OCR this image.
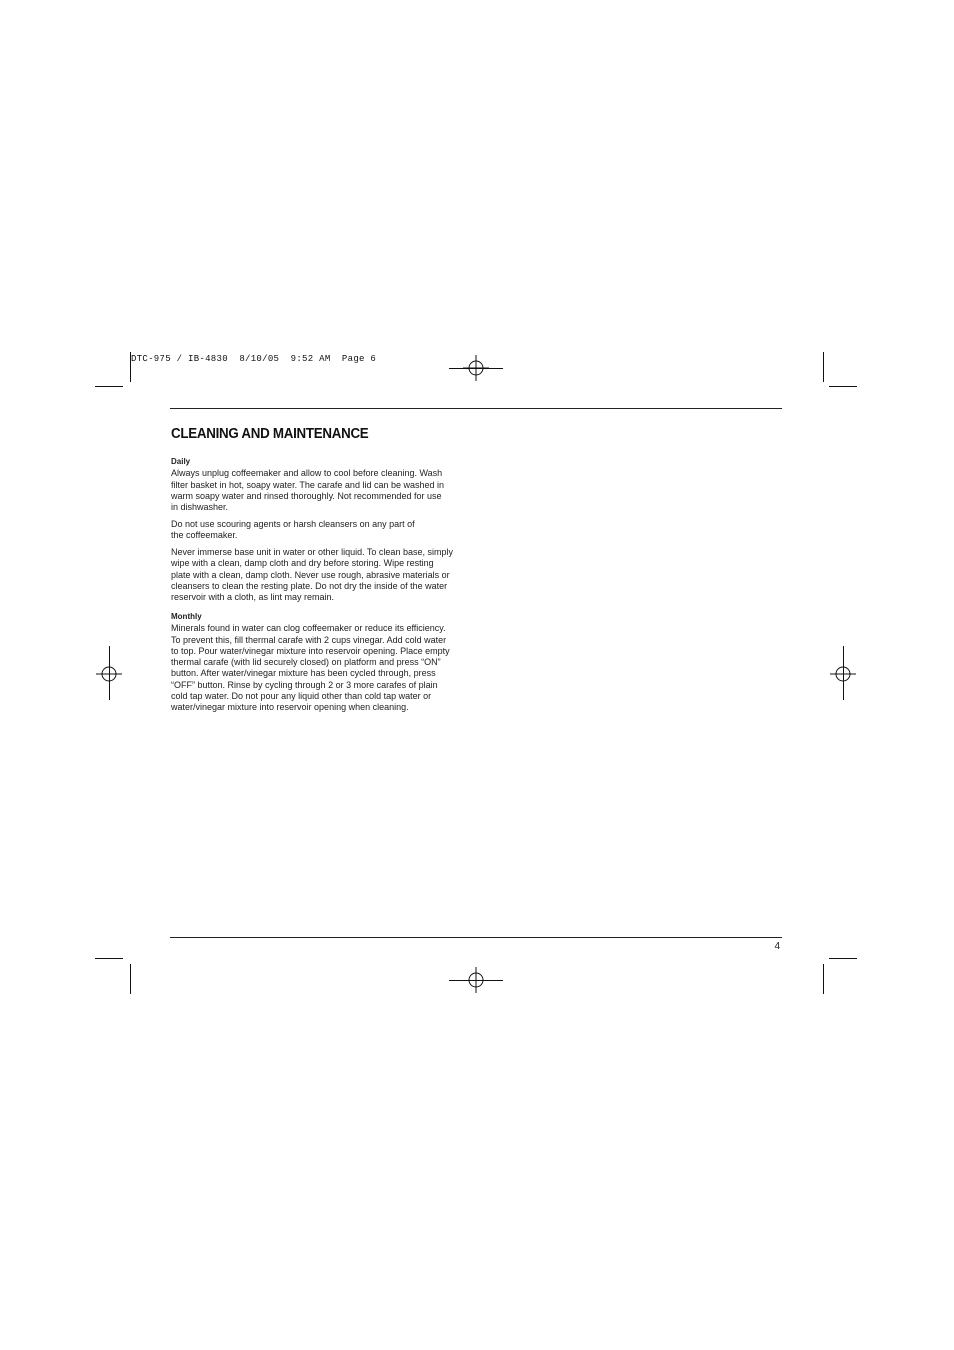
DTC-975 / IB-4830  8/10/05  9:52 AM  Page 6
CLEANING AND MAINTENANCE
Daily

Always unplug coffeemaker and allow to cool before cleaning. Wash
filter basket in hot, soapy water. The carafe and lid can be washed in
warm soapy water and rinsed thoroughly. Not recommended for use
in dishwasher.

Do not use scouring agents or harsh cleansers on any part of
the coffeemaker.

Never immerse base unit in water or other liquid. To clean base, simply
wipe with a clean, damp cloth and dry before storing. Wipe resting
plate with a clean, damp cloth. Never use rough, abrasive materials or
cleansers to clean the resting plate. Do not dry the inside of the water
reservoir with a cloth, as lint may remain.

Monthly

Minerals found in water can clog coffeemaker or reduce its efficiency.
To prevent this, fill thermal carafe with 2 cups vinegar. Add cold water
to top. Pour water/vinegar mixture into reservoir opening. Place empty
thermal carafe (with lid securely closed) on platform and press “ON”
button. After water/vinegar mixture has been cycled through, press
“OFF” button. Rinse by cycling through 2 or 3 more carafes of plain
cold tap water. Do not pour any liquid other than cold tap water or
water/vinegar mixture into reservoir opening when cleaning.

4
